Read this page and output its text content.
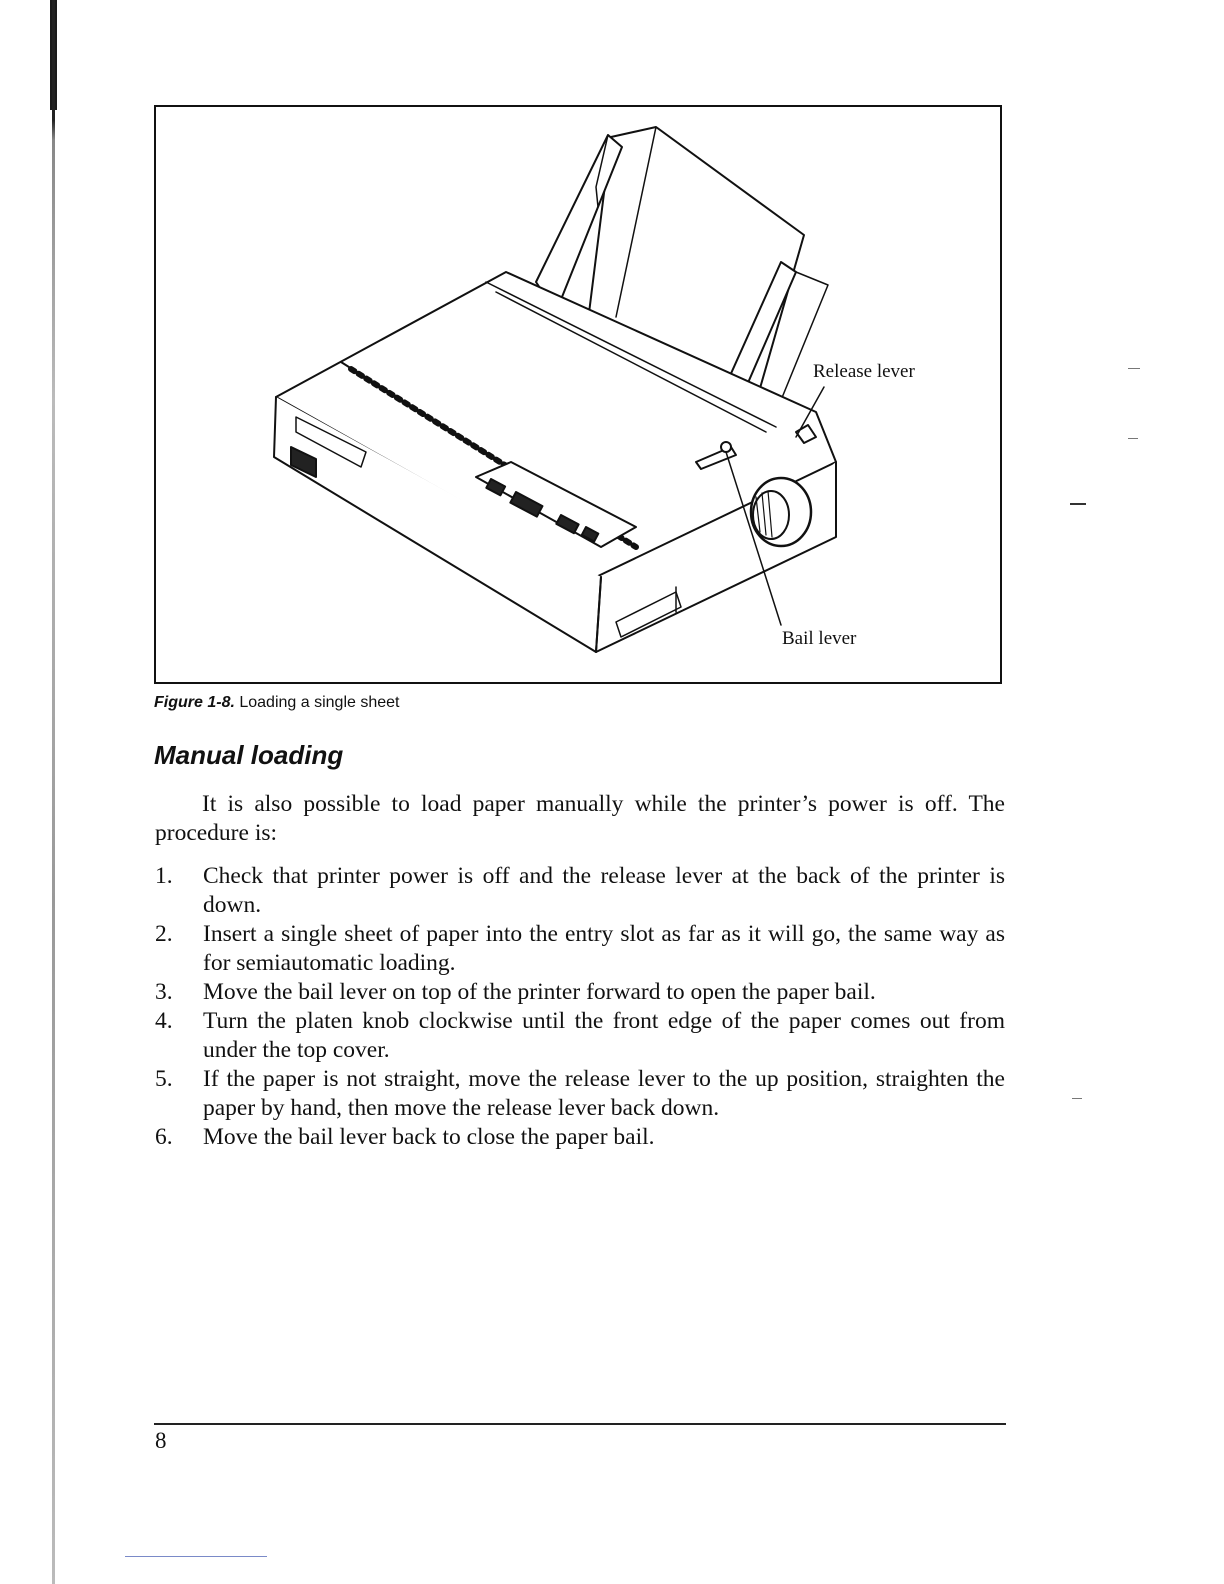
Release lever
Bail lever
Figure 1-8. Loading a single sheet
Manual loading

It is also possible to load paper manually while the printer’s power is off. The procedure is:

1. Check that printer power is off and the release lever at the back of the printer is down.
2. Insert a single sheet of paper into the entry slot as far as it will go, the same way as for semiautomatic loading.
3. Move the bail lever on top of the printer forward to open the paper bail.
4. Turn the platen knob clockwise until the front edge of the paper comes out from under the top cover.
5. If the paper is not straight, move the release lever to the up position, straighten the paper by hand, then move the release lever back down.
6. Move the bail lever back to close the paper bail.
8
